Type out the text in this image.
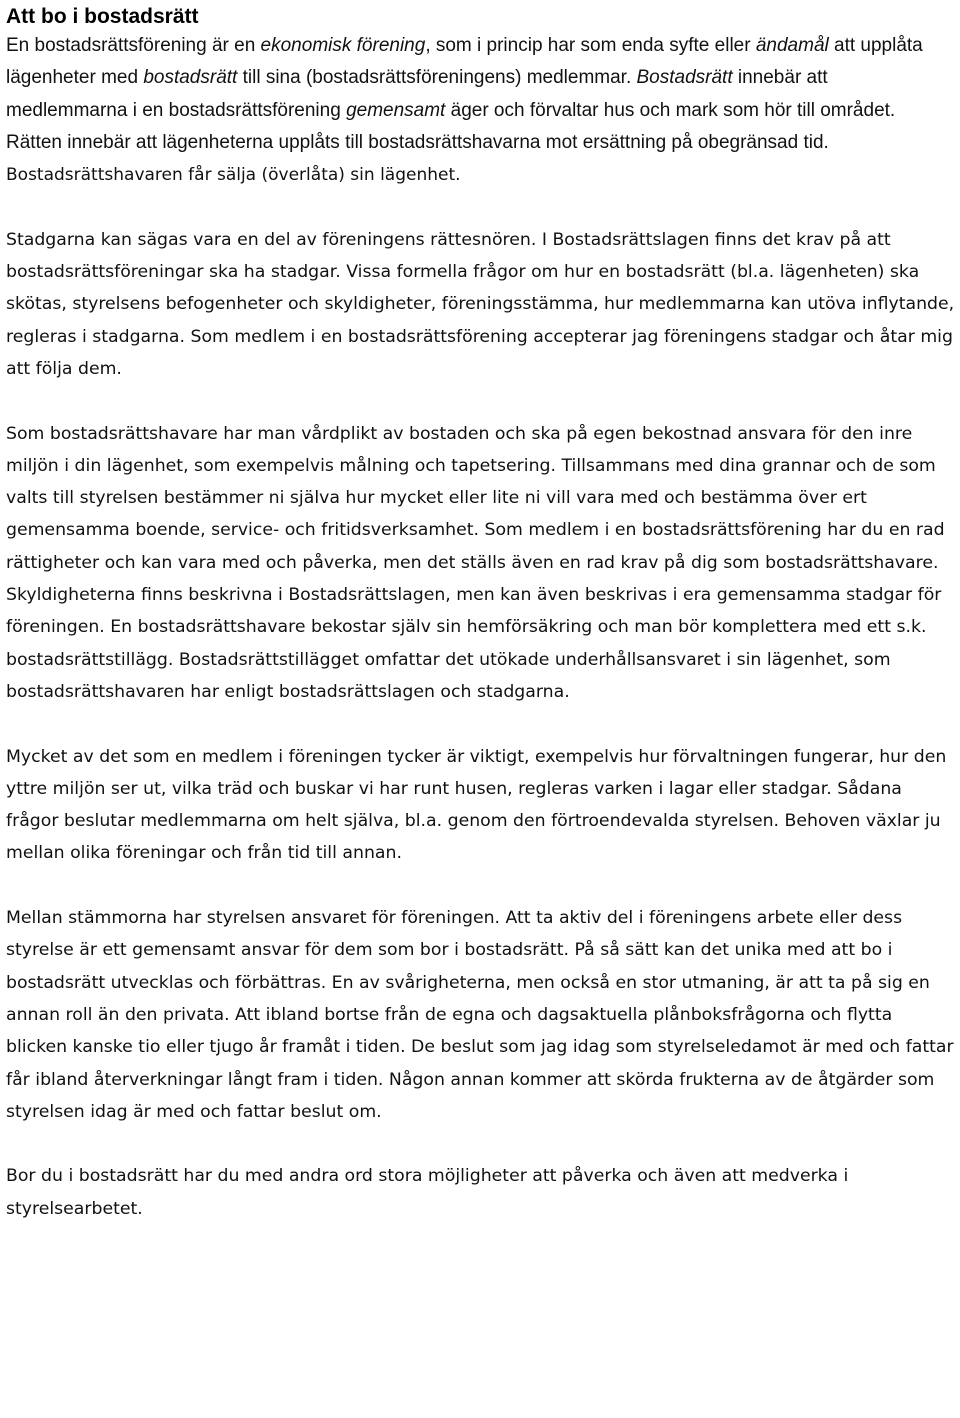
Att bo i bostadsrätt

En bostadsrättsförening är en ekonomisk förening, som i princip har som enda syfte eller ändamål att upplåta lägenheter med bostadsrätt till sina (bostadsrättsföreningens) medlemmar. Bostadsrätt innebär att medlemmarna i en bostadsrättsförening gemensamt äger och förvaltar hus och mark som hör till området. Rätten innebär att lägenheterna upplåts till bostadsrättshavarna mot ersättning på obegränsad tid.
Bostadsrättshavaren får sälja (överlåta) sin lägenhet.

Stadgarna kan sägas vara en del av föreningens rättesnören. I Bostadsrättslagen finns det krav på att bostadsrättsföreningar ska ha stadgar. Vissa formella frågor om hur en bostadsrätt (bl.a. lägenheten) ska skötas, styrelsens befogenheter och skyldigheter, föreningsstämma, hur medlemmarna kan utöva inflytande, regleras i stadgarna. Som medlem i en bostadsrättsförening accepterar jag föreningens stadgar och åtar mig att följa dem.

Som bostadsrättshavare har man vårdplikt av bostaden och ska på egen bekostnad ansvara för den inre miljön i din lägenhet, som exempelvis målning och tapetsering. Tillsammans med dina grannar och de som valts till styrelsen bestämmer ni själva hur mycket eller lite ni vill vara med och bestämma över ert gemensamma boende, service- och fritidsverksamhet. Som medlem i en bostadsrättsförening har du en rad rättigheter och kan vara med och påverka, men det ställs även en rad krav på dig som bostadsrättshavare. Skyldigheterna finns beskrivna i Bostadsrättslagen, men kan även beskrivas i era gemensamma stadgar för föreningen. En bostadsrättshavare bekostar själv sin hemförsäkring och man bör komplettera med ett s.k. bostadsrättstillägg. Bostadsrättstillägget omfattar det utökade underhållsansvaret i sin lägenhet, som bostadsrättshavaren har enligt bostadsrättslagen och stadgarna.

Mycket av det som en medlem i föreningen tycker är viktigt, exempelvis hur förvaltningen fungerar, hur den yttre miljön ser ut, vilka träd och buskar vi har runt husen, regleras varken i lagar eller stadgar. Sådana frågor beslutar medlemmarna om helt själva, bl.a. genom den förtroendevalda styrelsen. Behoven växlar ju mellan olika föreningar och från tid till annan.

Mellan stämmorna har styrelsen ansvaret för föreningen. Att ta aktiv del i föreningens arbete eller dess styrelse är ett gemensamt ansvar för dem som bor i bostadsrätt. På så sätt kan det unika med att bo i bostadsrätt utvecklas och förbättras. En av svårigheterna, men också en stor utmaning, är att ta på sig en annan roll än den privata. Att ibland bortse från de egna och dagsaktuella plånboksfrågorna och flytta blicken kanske tio eller tjugo år framåt i tiden. De beslut som jag idag som styrelseledamot är med och fattar får ibland återverkningar långt fram i tiden. Någon annan kommer att skörda frukterna av de åtgärder som styrelsen idag är med och fattar beslut om.

Bor du i bostadsrätt har du med andra ord stora möjligheter att påverka och även att medverka i styrelsearbetet.
